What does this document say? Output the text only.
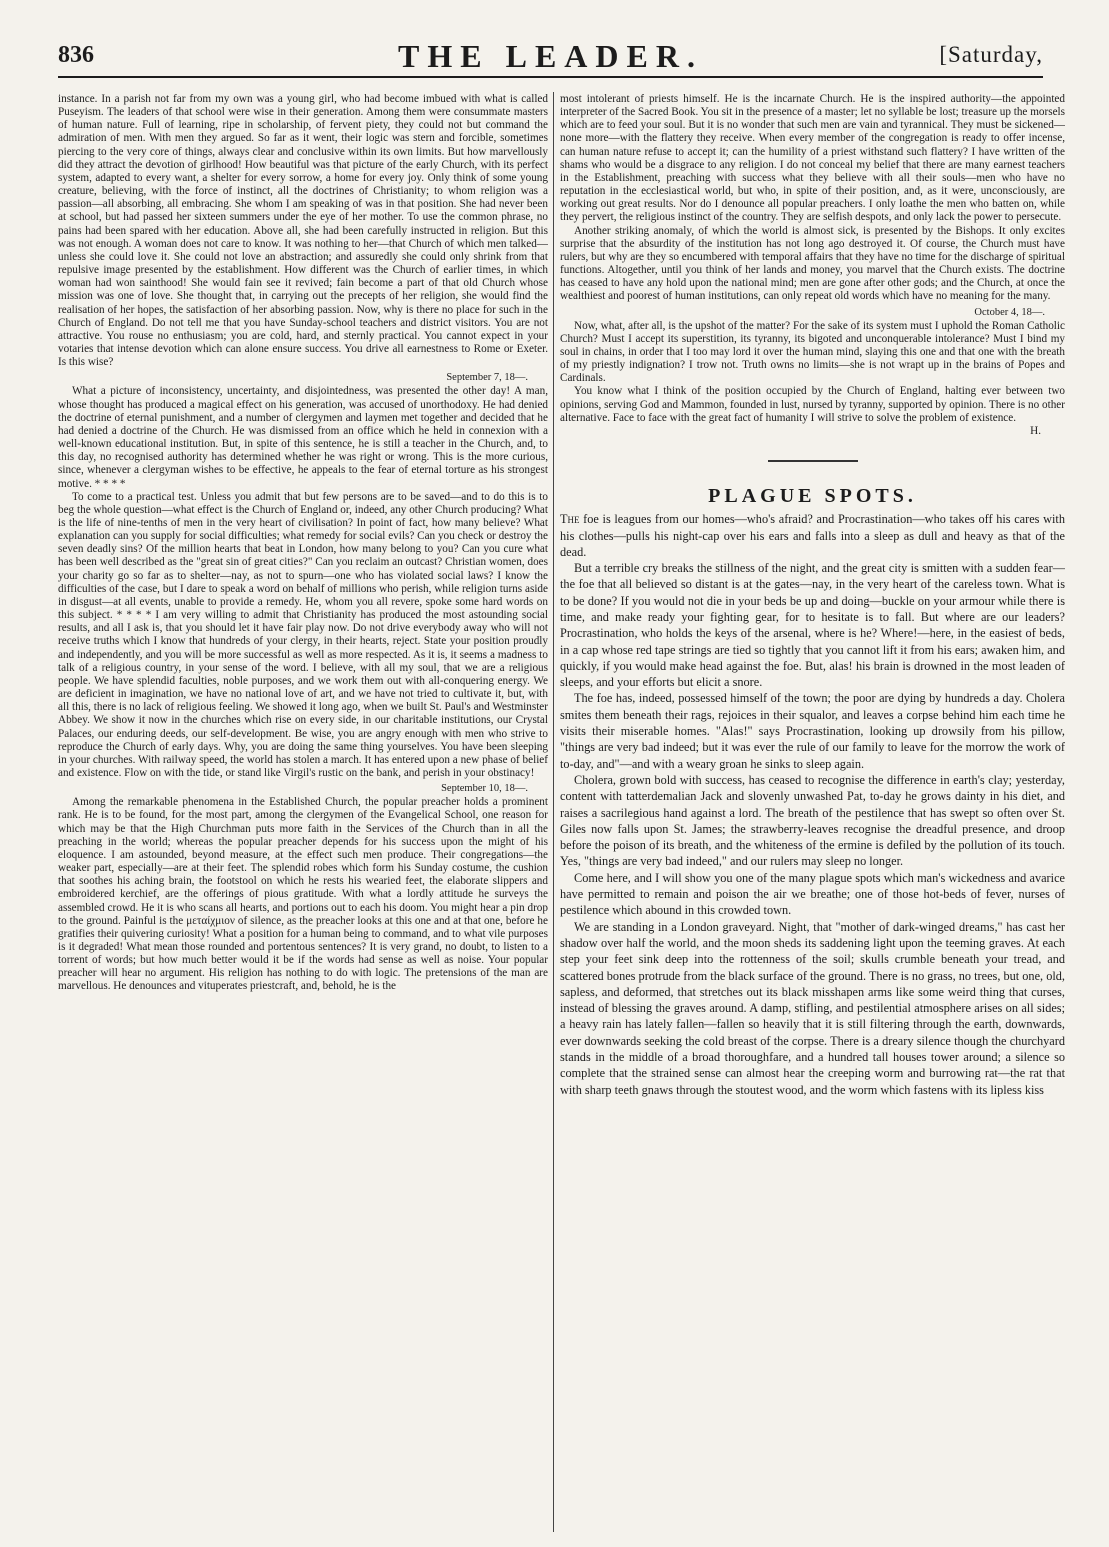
836	THE LEADER.	[Saturday,

instance. In a parish not far from my own was a young girl, who had become imbued with what is called Puseyism. The leaders of that school were wise in their generation. Among them were consummate masters of human nature. Full of learning, ripe in scholarship, of fervent piety, they could not but command the admiration of men. With men they argued. So far as it went, their logic was stern and forcible, sometimes piercing to the very core of things, always clear and conclusive within its own limits. But how marvellously did they attract the devotion of girlhood! How beautiful was that picture of the early Church, with its perfect system, adapted to every want, a shelter for every sorrow, a home for every joy. Only think of some young creature, believing, with the force of instinct, all the doctrines of Christianity; to whom religion was a passion—all absorbing, all embracing. She whom I am speaking of was in that position. She had never been at school, but had passed her sixteen summers under the eye of her mother. To use the common phrase, no pains had been spared with her education. Above all, she had been carefully instructed in religion. But this was not enough. A woman does not care to know. It was nothing to her—that Church of which men talked—unless she could love it. She could not love an abstraction; and assuredly she could only shrink from that repulsive image presented by the establishment. How different was the Church of earlier times, in which woman had won sainthood! She would fain see it revived; fain become a part of that old Church whose mission was one of love. She thought that, in carrying out the precepts of her religion, she would find the realisation of her hopes, the satisfaction of her absorbing passion. Now, why is there no place for such in the Church of England. Do not tell me that you have Sunday-school teachers and district visitors. You are not attractive. You rouse no enthusiasm; you are cold, hard, and sternly practical. You cannot expect in your votaries that intense devotion which can alone ensure success. You drive all earnestness to Rome or Exeter. Is this wise?

September 7, 18—.

What a picture of inconsistency, uncertainty, and disjointedness, was presented the other day! A man, whose thought has produced a magical effect on his generation, was accused of unorthodoxy. He had denied the doctrine of eternal punishment, and a number of clergymen and laymen met together and decided that he had denied a doctrine of the Church. He was dismissed from an office which he held in connexion with a well-known educational institution. But, in spite of this sentence, he is still a teacher in the Church, and, to this day, no recognised authority has determined whether he was right or wrong. This is the more curious, since, whenever a clergyman wishes to be effective, he appeals to the fear of eternal torture as his strongest motive. * * * *

To come to a practical test. Unless you admit that but few persons are to be saved—and to do this is to beg the whole question—what effect is the Church of England or, indeed, any other Church producing? What is the life of nine-tenths of men in the very heart of civilisation? In point of fact, how many believe? What explanation can you supply for social difficulties; what remedy for social evils? Can you check or destroy the seven deadly sins? Of the million hearts that beat in London, how many belong to you? Can you cure what has been well described as the "great sin of great cities?" Can you reclaim an outcast? Christian women, does your charity go so far as to shelter—nay, as not to spurn—one who has violated social laws? I know the difficulties of the case, but I dare to speak a word on behalf of millions who perish, while religion turns aside in disgust—at all events, unable to provide a remedy. He, whom you all revere, spoke some hard words on this subject. * * * * I am very willing to admit that Christianity has produced the most astounding social results, and all I ask is, that you should let it have fair play now. Do not drive everybody away who will not receive truths which I know that hundreds of your clergy, in their hearts, reject. State your position proudly and independently, and you will be more successful as well as more respected. As it is, it seems a madness to talk of a religious country, in your sense of the word. I believe, with all my soul, that we are a religious people. We have splendid faculties, noble purposes, and we work them out with all-conquering energy. We are deficient in imagination, we have no national love of art, and we have not tried to cultivate it, but, with all this, there is no lack of religious feeling. We showed it long ago, when we built St. Paul's and Westminster Abbey. We show it now in the churches which rise on every side, in our charitable institutions, our Crystal Palaces, our enduring deeds, our self-development. Be wise, you are angry enough with men who strive to reproduce the Church of early days. Why, you are doing the same thing yourselves. You have been sleeping in your churches. With railway speed, the world has stolen a march. It has entered upon a new phase of belief and existence. Flow on with the tide, or stand like Virgil's rustic on the bank, and perish in your obstinacy!

September 10, 18—.

Among the remarkable phenomena in the Established Church, the popular preacher holds a prominent rank. He is to be found, for the most part, among the clergymen of the Evangelical School, one reason for which may be that the High Churchman puts more faith in the Services of the Church than in all the preaching in the world; whereas the popular preacher depends for his success upon the might of his eloquence. I am astounded, beyond measure, at the effect such men produce. Their congregations—the weaker part, especially—are at their feet. The splendid robes which form his Sunday costume, the cushion that soothes his aching brain, the footstool on which he rests his wearied feet, the elaborate slippers and embroidered kerchief, are the offerings of pious gratitude. With what a lordly attitude he surveys the assembled crowd. He it is who scans all hearts, and portions out to each his doom. You might hear a pin drop to the ground. Painful is the μεταίχμιον of silence, as the preacher looks at this one and at that one, before he gratifies their quivering curiosity! What a position for a human being to command, and to what vile purposes is it degraded! What mean those rounded and portentous sentences? It is very grand, no doubt, to listen to a torrent of words; but how much better would it be if the words had sense as well as noise. Your popular preacher will hear no argument. His religion has nothing to do with logic. The pretensions of the man are marvellous. He denounces and vituperates priestcraft, and, behold, he is the

most intolerant of priests himself. He is the incarnate Church. He is the inspired authority—the appointed interpreter of the Sacred Book. You sit in the presence of a master; let no syllable be lost; treasure up the morsels which are to feed your soul. But it is no wonder that such men are vain and tyrannical. They must be sickened—none more—with the flattery they receive. When every member of the congregation is ready to offer incense, can human nature refuse to accept it; can the humility of a priest withstand such flattery? I have written of the shams who would be a disgrace to any religion. I do not conceal my belief that there are many earnest teachers in the Establishment, preaching with success what they believe with all their souls—men who have no reputation in the ecclesiastical world, but who, in spite of their position, and, as it were, unconsciously, are working out great results. Nor do I denounce all popular preachers. I only loathe the men who batten on, while they pervert, the religious instinct of the country. They are selfish despots, and only lack the power to persecute.

Another striking anomaly, of which the world is almost sick, is presented by the Bishops. It only excites surprise that the absurdity of the institution has not long ago destroyed it. Of course, the Church must have rulers, but why are they so encumbered with temporal affairs that they have no time for the discharge of spiritual functions. Altogether, until you think of her lands and money, you marvel that the Church exists. The doctrine has ceased to have any hold upon the national mind; men are gone after other gods; and the Church, at once the wealthiest and poorest of human institutions, can only repeat old words which have no meaning for the many.

October 4, 18—.

Now, what, after all, is the upshot of the matter? For the sake of its system must I uphold the Roman Catholic Church? Must I accept its superstition, its tyranny, its bigoted and unconquerable intolerance? Must I bind my soul in chains, in order that I too may lord it over the human mind, slaying this one and that one with the breath of my priestly indignation? I trow not. Truth owns no limits—she is not wrapt up in the brains of Popes and Cardinals.

You know what I think of the position occupied by the Church of England, halting ever between two opinions, serving God and Mammon, founded in lust, nursed by tyranny, supported by opinion. There is no other alternative. Face to face with the great fact of humanity I will strive to solve the problem of existence.

H.
PLAGUE SPOTS.

The foe is leagues from our homes—who's afraid? and Procrastination—who takes off his cares with his clothes—pulls his night-cap over his ears and falls into a sleep as dull and heavy as that of the dead.

But a terrible cry breaks the stillness of the night, and the great city is smitten with a sudden fear—the foe that all believed so distant is at the gates—nay, in the very heart of the careless town. What is to be done? If you would not die in your beds be up and doing—buckle on your armour while there is time, and make ready your fighting gear, for to hesitate is to fall. But where are our leaders? Procrastination, who holds the keys of the arsenal, where is he? Where!—here, in the easiest of beds, in a cap whose red tape strings are tied so tightly that you cannot lift it from his ears; awaken him, and quickly, if you would make head against the foe. But, alas! his brain is drowned in the most leaden of sleeps, and your efforts but elicit a snore.

The foe has, indeed, possessed himself of the town; the poor are dying by hundreds a day. Cholera smites them beneath their rags, rejoices in their squalor, and leaves a corpse behind him each time he visits their miserable homes. "Alas!" says Procrastination, looking up drowsily from his pillow, "things are very bad indeed; but it was ever the rule of our family to leave for the morrow the work of to-day, and"—and with a weary groan he sinks to sleep again.

Cholera, grown bold with success, has ceased to recognise the difference in earth's clay; yesterday, content with tatterdemalian Jack and slovenly unwashed Pat, to-day he grows dainty in his diet, and raises a sacrilegious hand against a lord. The breath of the pestilence that has swept so often over St. Giles now falls upon St. James; the strawberry-leaves recognise the dreadful presence, and droop before the poison of its breath, and the whiteness of the ermine is defiled by the pollution of its touch. Yes, "things are very bad indeed," and our rulers may sleep no longer.

Come here, and I will show you one of the many plague spots which man's wickedness and avarice have permitted to remain and poison the air we breathe; one of those hot-beds of fever, nurses of pestilence which abound in this crowded town.

We are standing in a London graveyard. Night, that "mother of dark-winged dreams," has cast her shadow over half the world, and the moon sheds its saddening light upon the teeming graves. At each step your feet sink deep into the rottenness of the soil; skulls crumble beneath your tread, and scattered bones protrude from the black surface of the ground. There is no grass, no trees, but one, old, sapless, and deformed, that stretches out its black misshapen arms like some weird thing that curses, instead of blessing the graves around. A damp, stifling, and pestilential atmosphere arises on all sides; a heavy rain has lately fallen—fallen so heavily that it is still filtering through the earth, downwards, ever downwards seeking the cold breast of the corpse. There is a dreary silence though the churchyard stands in the middle of a broad thoroughfare, and a hundred tall houses tower around; a silence so complete that the strained sense can almost hear the creeping worm and burrowing rat—the rat that with sharp teeth gnaws through the stoutest wood, and the worm which fastens with its lipless kiss
